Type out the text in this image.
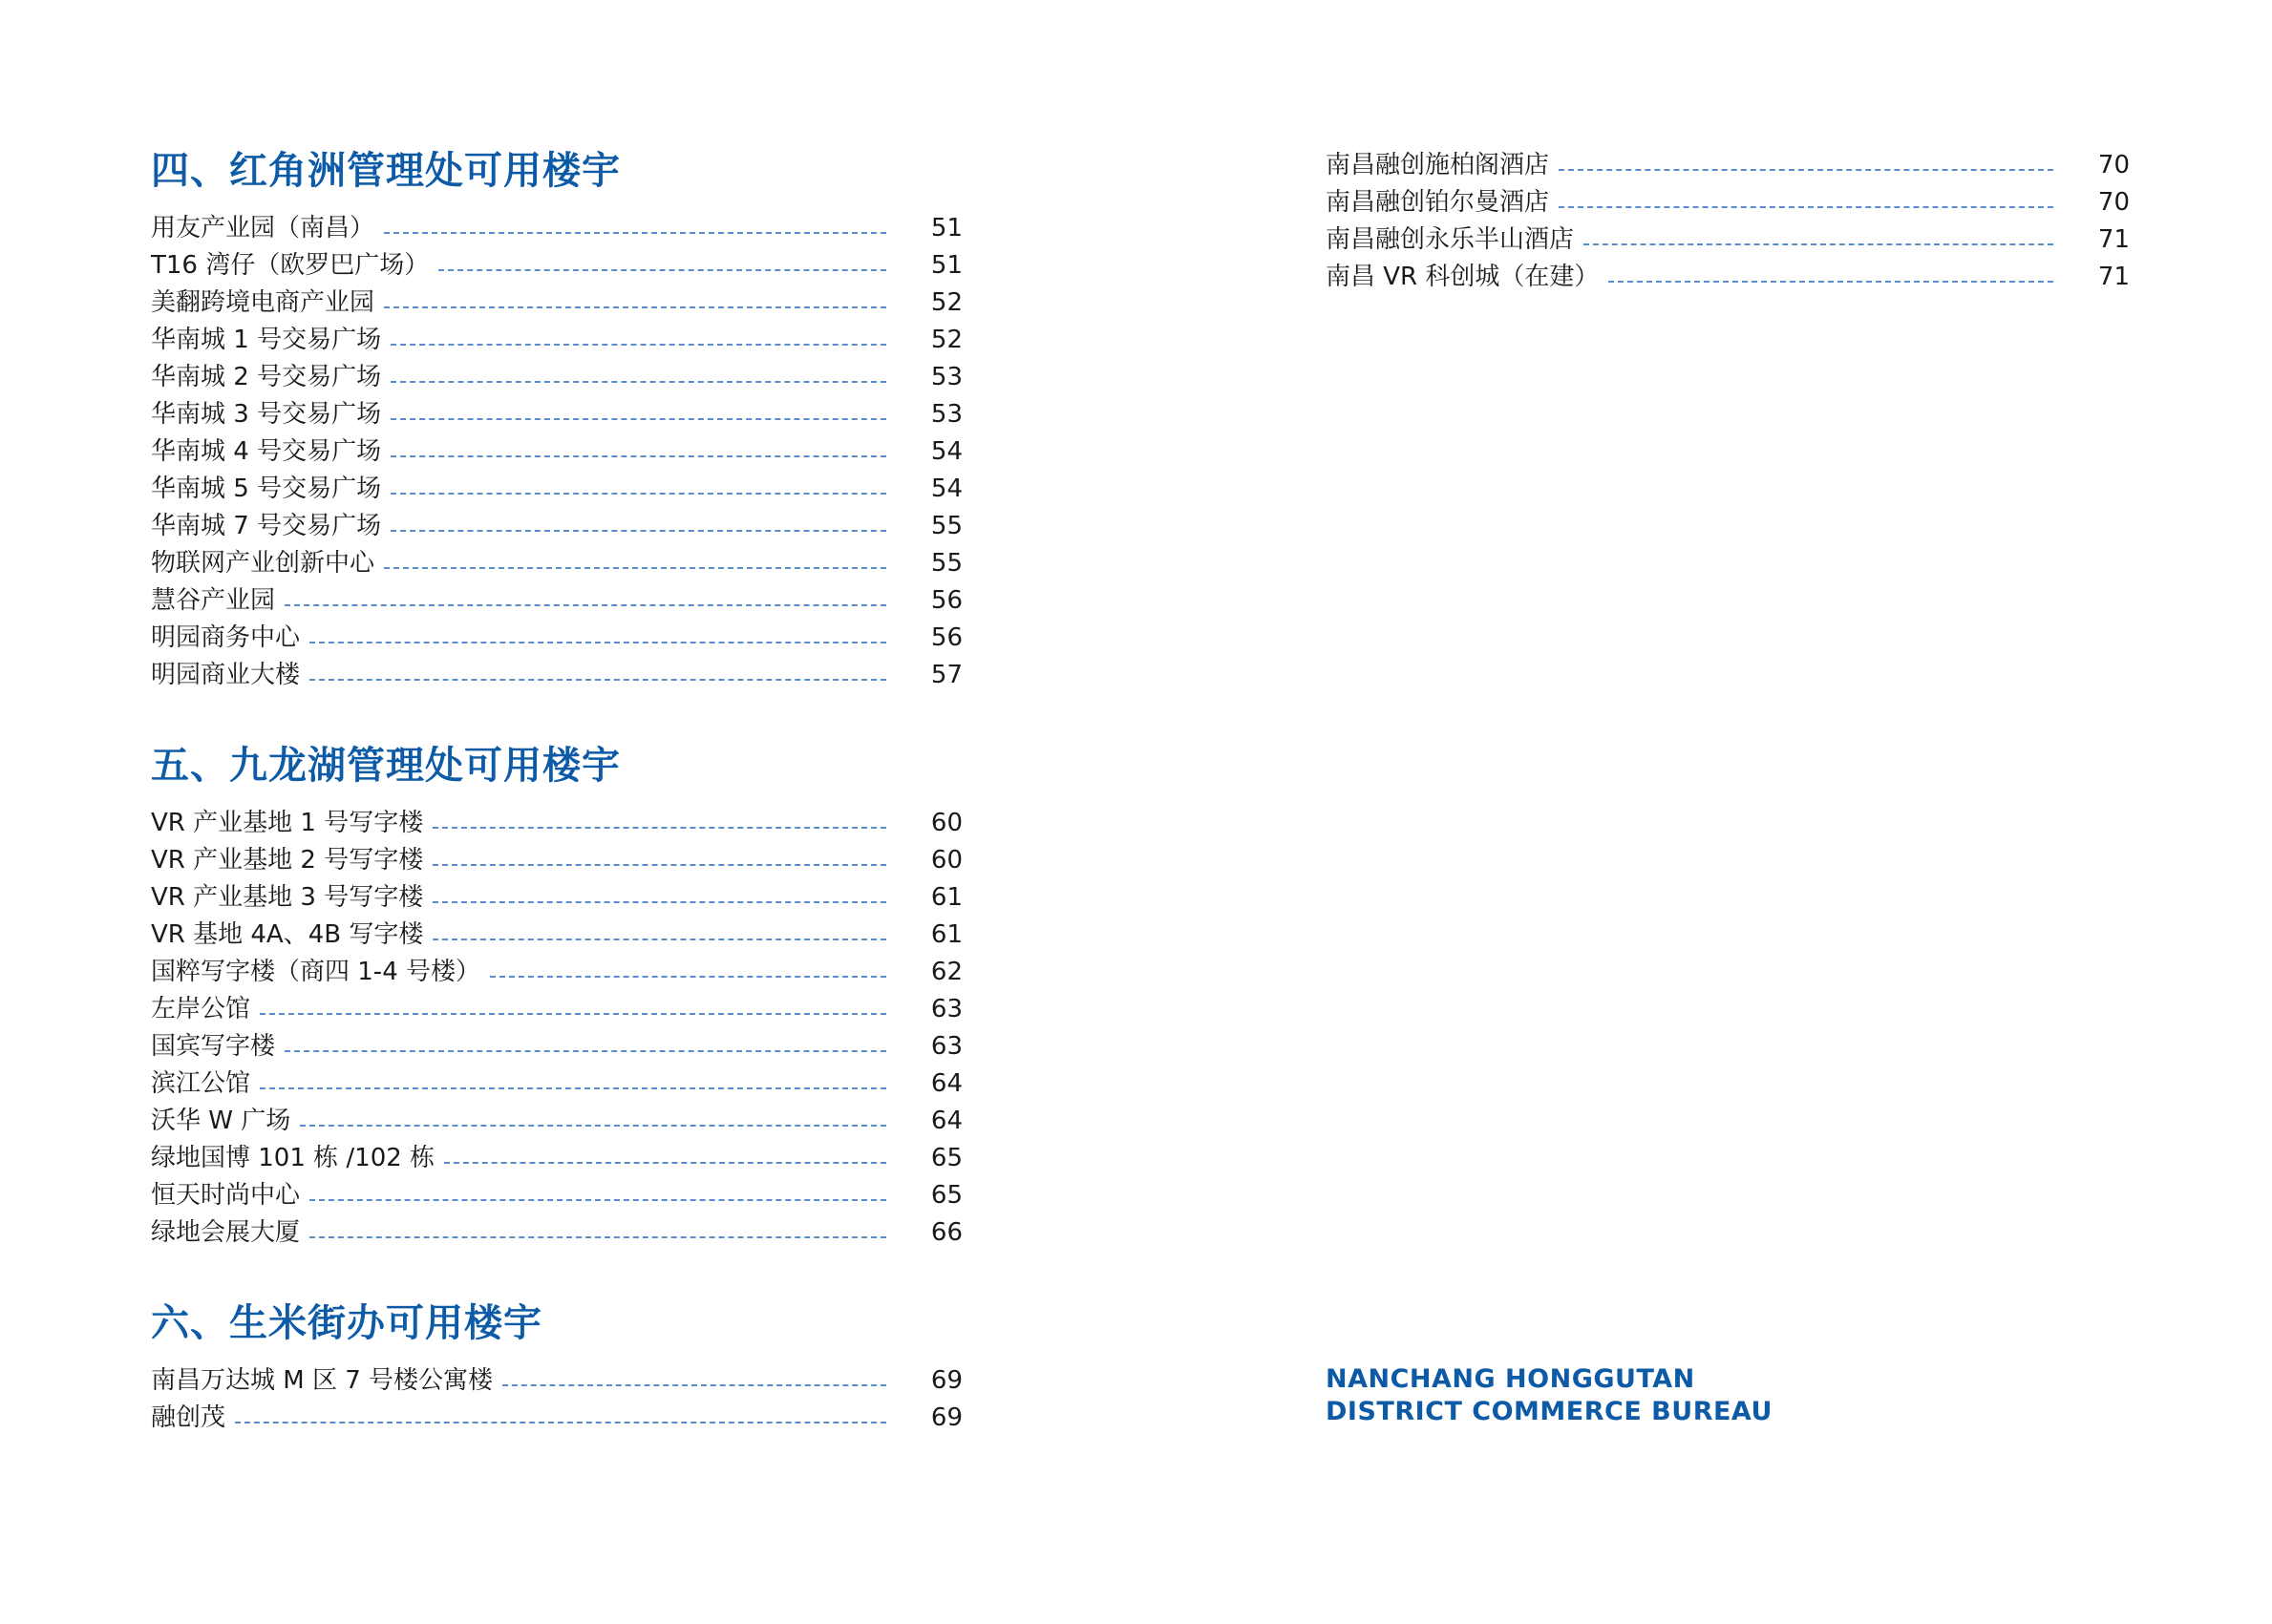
四、红角洲管理处可用楼宇
用友产业园（南昌）	51
T16 湾仔（欧罗巴广场）	51
美翻跨境电商产业园	52
华南城 1 号交易广场	52
华南城 2 号交易广场	53
华南城 3 号交易广场	53
华南城 4 号交易广场	54
华南城 5 号交易广场	54
华南城 7 号交易广场	55
物联网产业创新中心	55
慧谷产业园	56
明园商务中心	56
明园商业大楼	57
五、九龙湖管理处可用楼宇
VR 产业基地 1 号写字楼	60
VR 产业基地 2 号写字楼	60
VR 产业基地 3 号写字楼	61
VR 基地 4A、4B 写字楼	61
国粹写字楼（商四 1-4 号楼）	62
左岸公馆	63
国宾写字楼	63
滨江公馆	64
沃华 W 广场	64
绿地国博 101 栋 /102 栋	65
恒天时尚中心	65
绿地会展大厦	66
六、生米街办可用楼宇
南昌万达城 M 区 7 号楼公寓楼	69
融创茂	69
南昌融创施柏阁酒店	70
南昌融创铂尔曼酒店	70
南昌融创永乐半山酒店	71
南昌 VR 科创城（在建）	71
NANCHANG HONGGUTAN
DISTRICT COMMERCE BUREAU
